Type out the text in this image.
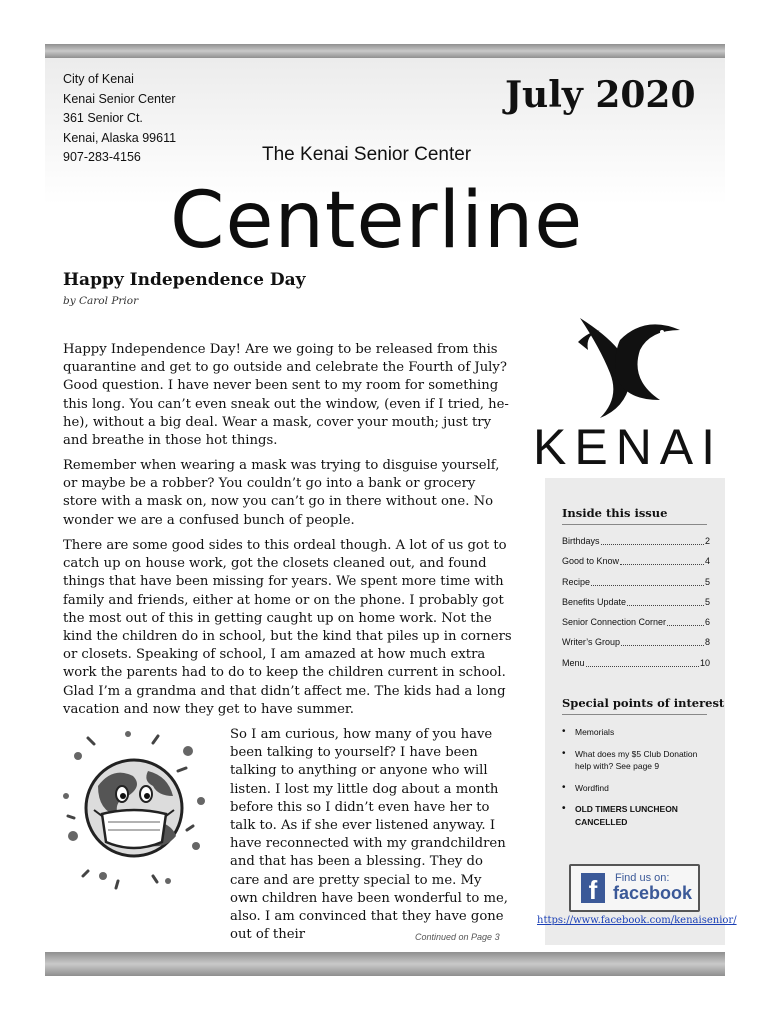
City of Kenai
Kenai Senior Center
361 Senior Ct.
Kenai, Alaska 99611
907-283-4156
July 2020
The Kenai Senior Center
Centerline
Happy Independence Day
by Carol Prior

Happy Independence Day! Are we going to be released from this quarantine and get to go outside and celebrate the Fourth of July? Good question. I have never been sent to my room for something this long. You can’t even sneak out the window, (even if I tried, he-he), without a big deal. Wear a mask, cover your mouth; just try and breathe in those hot things.

Remember when wearing a mask was trying to disguise yourself, or maybe be a robber? You couldn’t go into a bank or grocery store with a mask on, now you can’t go in there without one. No wonder we are a confused bunch of people.

There are some good sides to this ordeal though. A lot of us got to catch up on house work, got the closets cleaned out, and found things that have been missing for years. We spent more time with family and friends, either at home or on the phone. I probably got the most out of this in getting caught up on home work. Not the kind the children do in school, but the kind that piles up in corners or closets. Speaking of school, I am amazed at how much extra work the parents had to do to keep the children current in school. Glad I’m a grandma and that didn’t affect me. The kids had a long vacation and now they get to have summer.

So I am curious, how many of you have been talking to yourself? I have been talking to anything or anyone who will listen. I lost my little dog about a month before this so I didn’t even have her to talk to. As if she ever listened anyway. I have reconnected with my grandchildren and that has been a blessing. They do care and are pretty special to me. My own children have been wonderful to me, also. I am convinced that they have gone out of their	Continued on Page 3
KENAI
Inside this issue
Birthdays	2
Good to Know	4
Recipe	5
Benefits Update	5
Senior Connection Corner	6
Writer’s Group	8
Menu	10
Special points of interest
• Memorials
• What does my $5 Club Donation help with? See page 9
• Wordfind
• OLD TIMERS LUNCHEON CANCELLED
f	Find us on:
facebook
https://www.facebook.com/kenaisenior/
